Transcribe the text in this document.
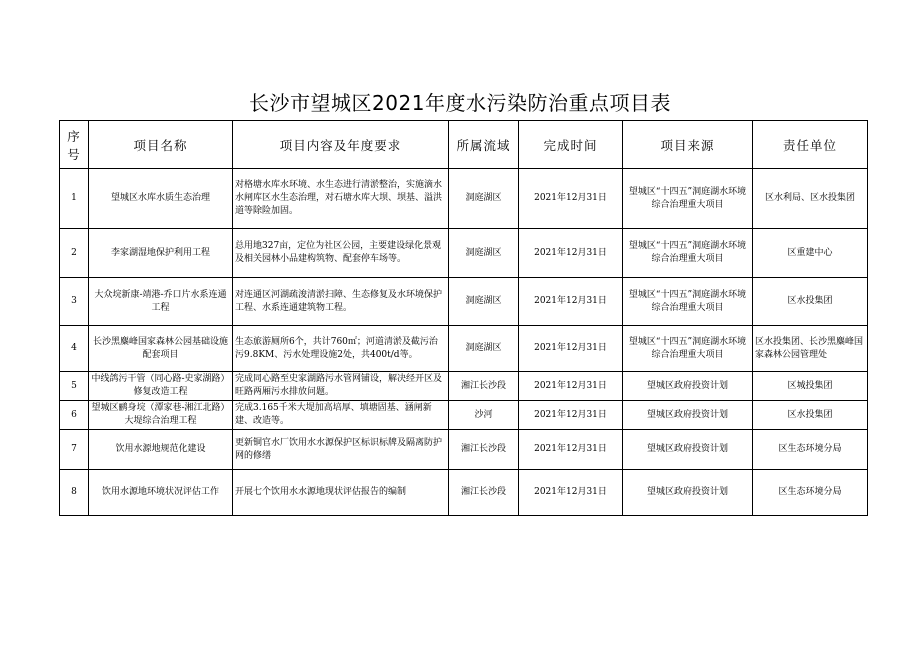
长沙市望城区2021年度水污染防治重点项目表
序号	项目名称	项目内容及年度要求	所属流域	完成时间	项目来源	责任单位
1	望城区水库水质生态治理	对格塘水库水环境、水生态进行清淤整治，实施滴水水闸库区水生态治理，对石塘水库大坝、坝基、溢洪道等除险加固。	洞庭湖区	2021年12月31日	望城区“十四五”洞庭湖水环境综合治理重大项目	区水利局、区水投集团
2	李家湖湿地保护利用工程	总用地327亩，定位为社区公园，主要建设绿化景观及相关园林小品建构筑物、配套停车场等。	洞庭湖区	2021年12月31日	望城区“十四五”洞庭湖水环境综合治理重大项目	区重建中心
3	大众垸新康-靖港-乔口片水系连通工程	对连通区河湖疏浚清淤扫障、生态修复及水环境保护工程、水系连通建筑物工程。	洞庭湖区	2021年12月31日	望城区“十四五”洞庭湖水环境综合治理重大项目	区水投集团
4	长沙黑麋峰国家森林公园基础设施配套项目	生态旅游厕所6个，共计760㎡；河道清淤及截污治污9.8KM、污水处理设施2处，共400t/d等。	洞庭湖区	2021年12月31日	望城区“十四五”洞庭湖水环境综合治理重大项目	区水投集团、长沙黑麋峰国家森林公园管理处
5	中线鸽污干管（同心路-史家湖路）修复改造工程	完成同心路至史家湖路污水管网铺设，解决经开区及旺路两厢污水排放问题。	湘江长沙段	2021年12月31日	望城区政府投资计划	区城投集团
6	望城区鹂身垸（潭家巷-湘江北路）大堤综合治理工程	完成3.165千米大堤加高培厚、填塘固基、涵闸新建、改造等。	沙河	2021年12月31日	望城区政府投资计划	区水投集团
7	饮用水源地规范化建设	更新铜官水厂饮用水水源保护区标识标牌及隔离防护网的修缮	湘江长沙段	2021年12月31日	望城区政府投资计划	区生态环境分局
8	饮用水源地环境状况评估工作	开展七个饮用水水源地现状评估报告的编制	湘江长沙段	2021年12月31日	望城区政府投资计划	区生态环境分局
